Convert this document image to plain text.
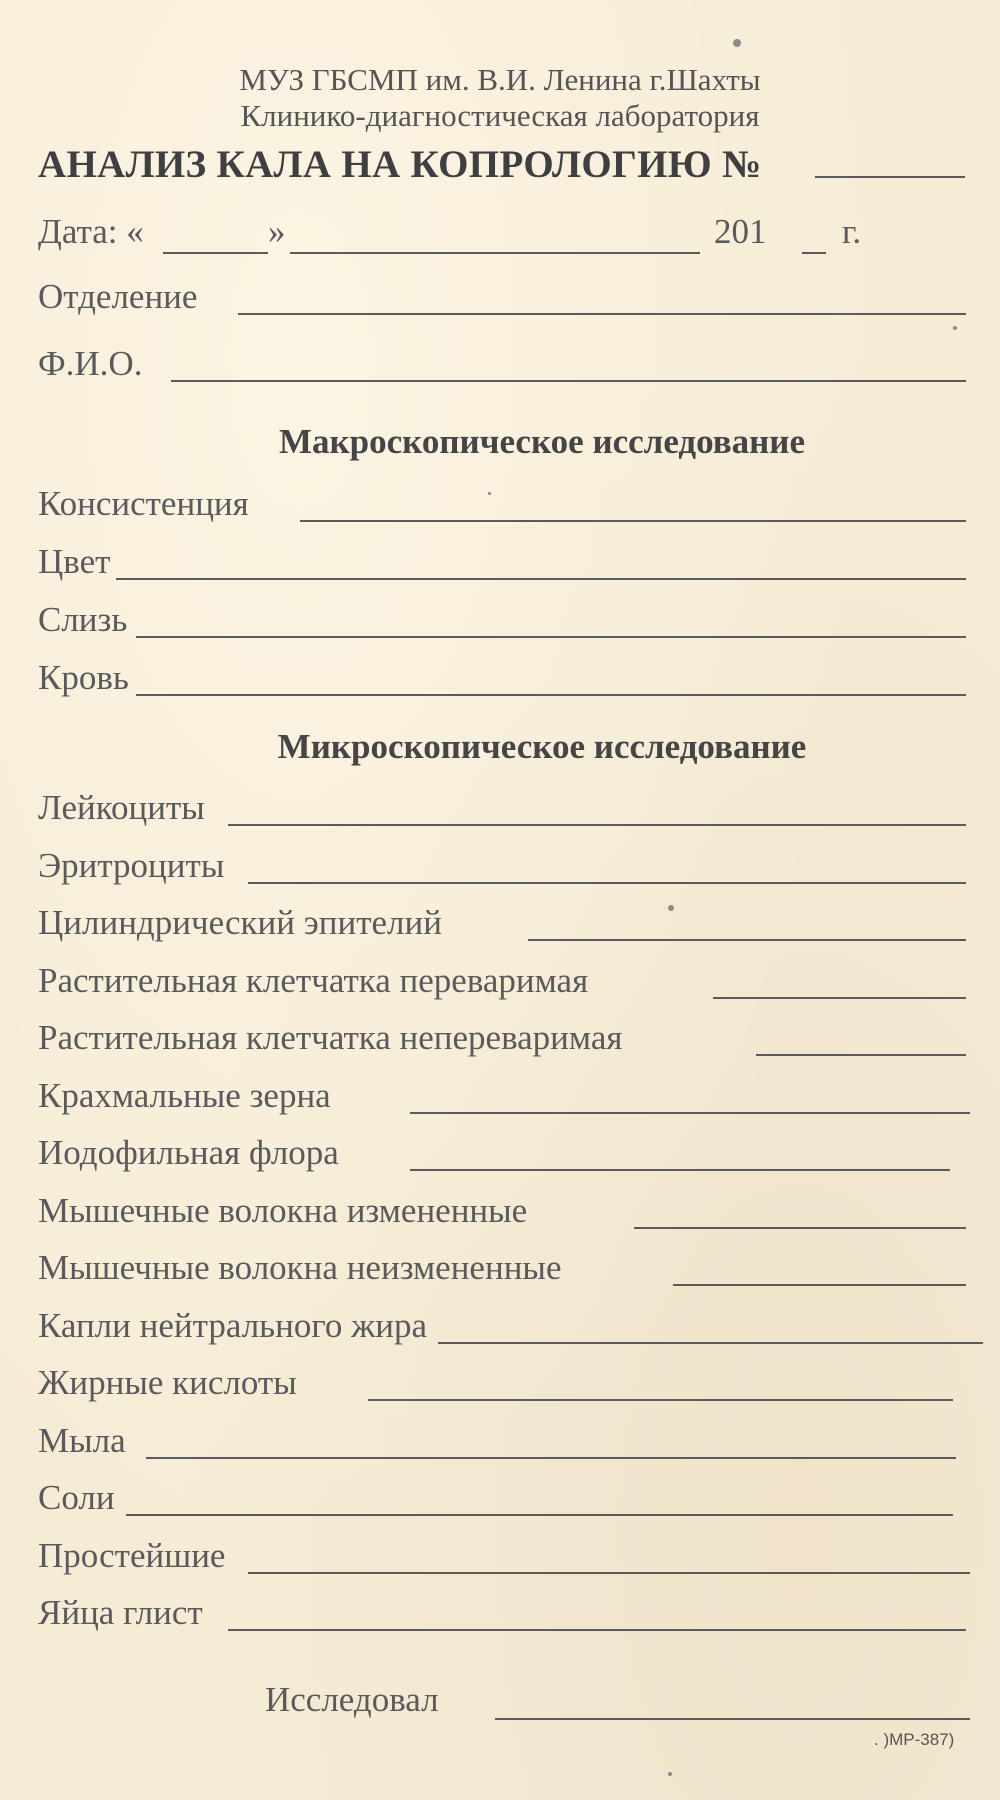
МУЗ ГБСМП им. В.И. Ленина г.Шахты
Клинико-диагностическая лаборатория
АНАЛИЗ КАЛА НА КОПРОЛОГИЮ №
Дата: «	»	201 г.
Отделение
Ф.И.О.
Макроскопическое исследование
Консистенция
Цвет
Слизь
Кровь
Микроскопическое исследование
Лейкоциты
Эритроциты
Цилиндрический эпителий
Растительная клетчатка переваримая
Растительная клетчатка непереваримая
Крахмальные зерна
Иодофильная флора
Мышечные волокна измененные
Мышечные волокна неизмененные
Капли нейтрального жира
Жирные кислоты
Мыла
Соли
Простейшие
Яйца глист
Исследовал
. )МР-387)
